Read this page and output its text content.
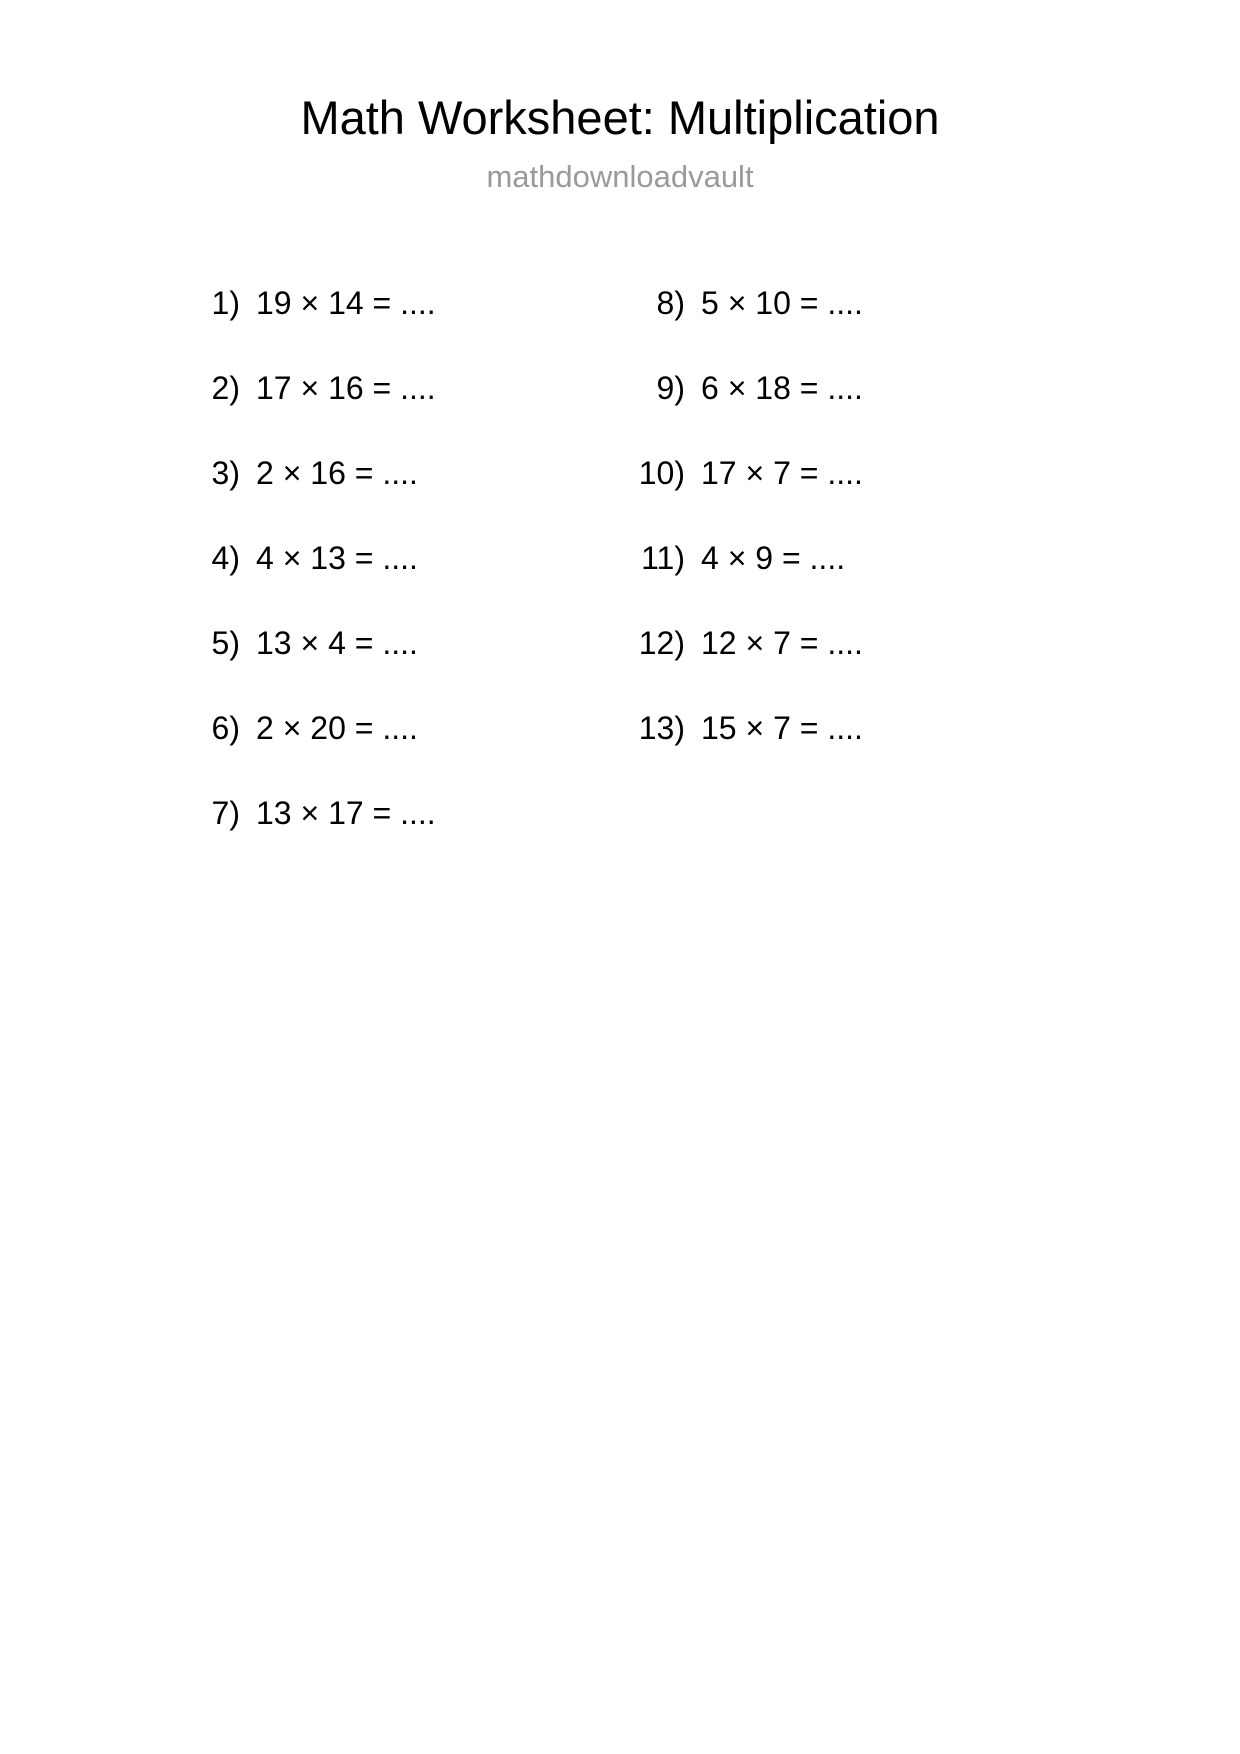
Math Worksheet: Multiplication
mathdownloadvault
1) 19 × 14 = ....
2) 17 × 16 = ....
3) 2 × 16 = ....
4) 4 × 13 = ....
5) 13 × 4 = ....
6) 2 × 20 = ....
7) 13 × 17 = ....
8) 5 × 10 = ....
9) 6 × 18 = ....
10) 17 × 7 = ....
11) 4 × 9 = ....
12) 12 × 7 = ....
13) 15 × 7 = ....
